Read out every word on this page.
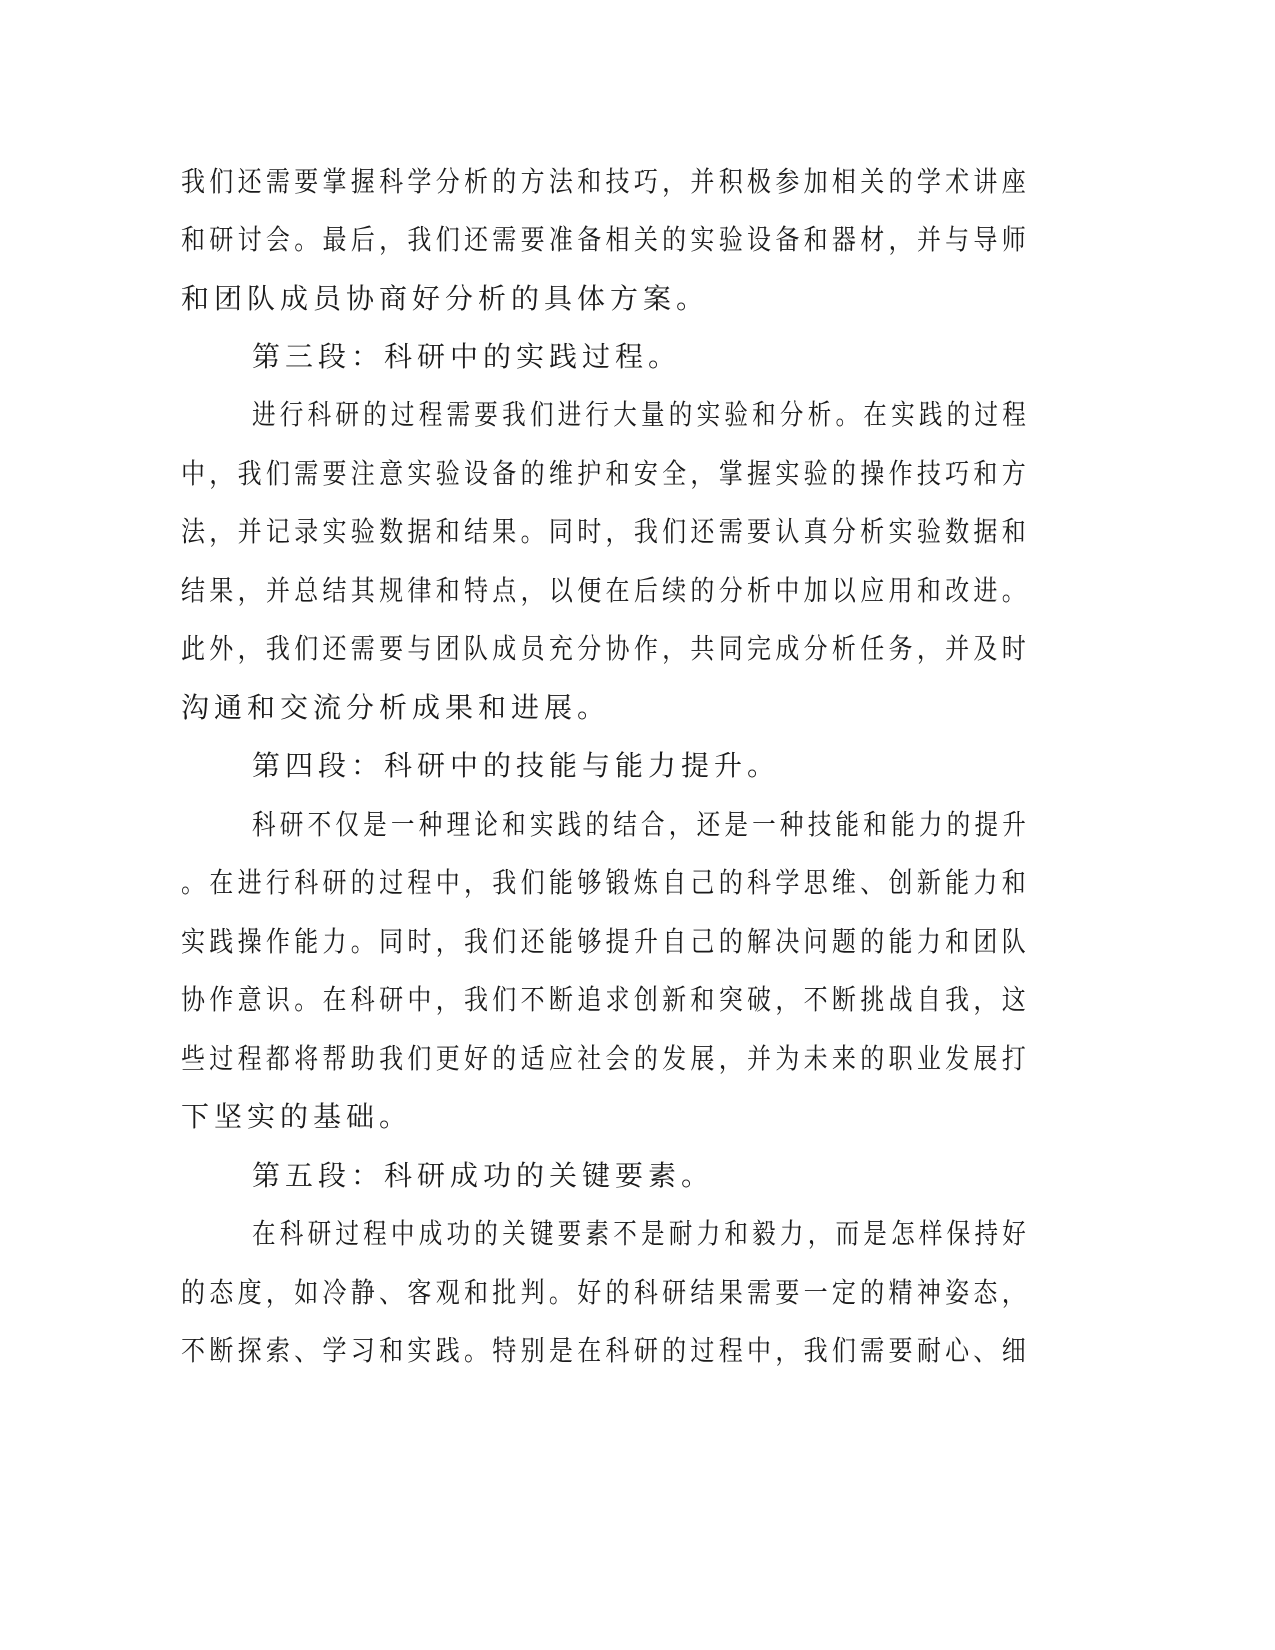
我们还需要掌握科学分析的方法和技巧，并积极参加相关的学术讲座
和研讨会。最后，我们还需要准备相关的实验设备和器材，并与导师
和团队成员协商好分析的具体方案。
第三段：科研中的实践过程。
进行科研的过程需要我们进行大量的实验和分析。在实践的过程
中，我们需要注意实验设备的维护和安全，掌握实验的操作技巧和方
法，并记录实验数据和结果。同时，我们还需要认真分析实验数据和
结果，并总结其规律和特点，以便在后续的分析中加以应用和改进。
此外，我们还需要与团队成员充分协作，共同完成分析任务，并及时
沟通和交流分析成果和进展。
第四段：科研中的技能与能力提升。
科研不仅是一种理论和实践的结合，还是一种技能和能力的提升
。在进行科研的过程中，我们能够锻炼自己的科学思维、创新能力和
实践操作能力。同时，我们还能够提升自己的解决问题的能力和团队
协作意识。在科研中，我们不断追求创新和突破，不断挑战自我，这
些过程都将帮助我们更好的适应社会的发展，并为未来的职业发展打
下坚实的基础。
第五段：科研成功的关键要素。
在科研过程中成功的关键要素不是耐力和毅力，而是怎样保持好
的态度，如冷静、客观和批判。好的科研结果需要一定的精神姿态，
不断探索、学习和实践。特别是在科研的过程中，我们需要耐心、细
